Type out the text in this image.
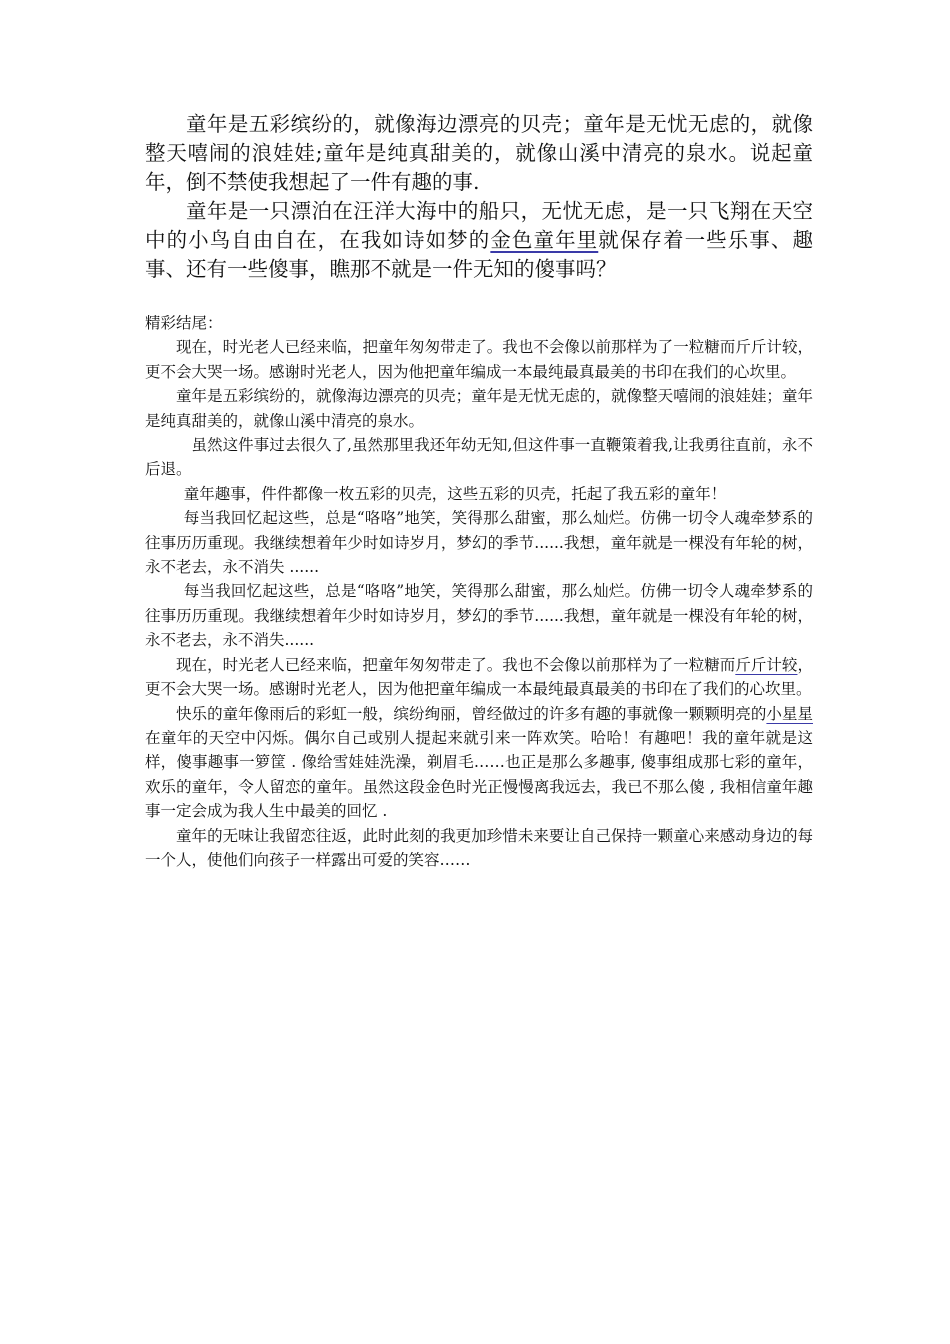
童年是五彩缤纷的，就像海边漂亮的贝壳；童年是无忧无虑的，就像整天嘻闹的浪娃娃;童年是纯真甜美的，就像山溪中清亮的泉水。说起童年，倒不禁使我想起了一件有趣的事.

童年是一只漂泊在汪洋大海中的船只，无忧无虑，是一只飞翔在天空中的小鸟自由自在，在我如诗如梦的金色童年里就保存着一些乐事、趣事、还有一些傻事，瞧那不就是一件无知的傻事吗？

精彩结尾：

现在，时光老人已经来临，把童年匆匆带走了。我也不会像以前那样为了一粒糖而斤斤计较，更不会大哭一场。感谢时光老人，因为他把童年编成一本最纯最真最美的书印在我们的心坎里。

童年是五彩缤纷的，就像海边漂亮的贝壳；童年是无忧无虑的，就像整天嘻闹的浪娃娃；童年是纯真甜美的，就像山溪中清亮的泉水。

虽然这件事过去很久了,虽然那里我还年幼无知,但这件事一直鞭策着我,让我勇往直前，永不后退。

童年趣事，件件都像一枚五彩的贝壳，这些五彩的贝壳，托起了我五彩的童年！

每当我回忆起这些，总是“咯咯”地笑，笑得那么甜蜜，那么灿烂。仿佛一切令人魂牵梦系的往事历历重现。我继续想着年少时如诗岁月，梦幻的季节......我想，童年就是一棵没有年轮的树，永不老去，永不消失 ......

每当我回忆起这些，总是“咯咯”地笑，笑得那么甜蜜，那么灿烂。仿佛一切令人魂牵梦系的往事历历重现。我继续想着年少时如诗岁月，梦幻的季节......我想，童年就是一棵没有年轮的树，永不老去，永不消失......

现在，时光老人已经来临，把童年匆匆带走了。我也不会像以前那样为了一粒糖而斤斤计较，更不会大哭一场。感谢时光老人，因为他把童年编成一本最纯最真最美的书印在了我们的心坎里。

快乐的童年像雨后的彩虹一般，缤纷绚丽，曾经做过的许多有趣的事就像一颗颗明亮的小星星在童年的天空中闪烁。偶尔自己或别人提起来就引来一阵欢笑。哈哈！有趣吧！我的童年就是这样，傻事趣事一箩筐 . 像给雪娃娃洗澡，剃眉毛……也正是那么多趣事, 傻事组成那七彩的童年，欢乐的童年，令人留恋的童年。虽然这段金色时光正慢慢离我远去，我已不那么傻 , 我相信童年趣事一定会成为我人生中最美的回忆 .

童年的无味让我留恋往返，此时此刻的我更加珍惜未来要让自己保持一颗童心来感动身边的每一个人，使他们向孩子一样露出可爱的笑容……
